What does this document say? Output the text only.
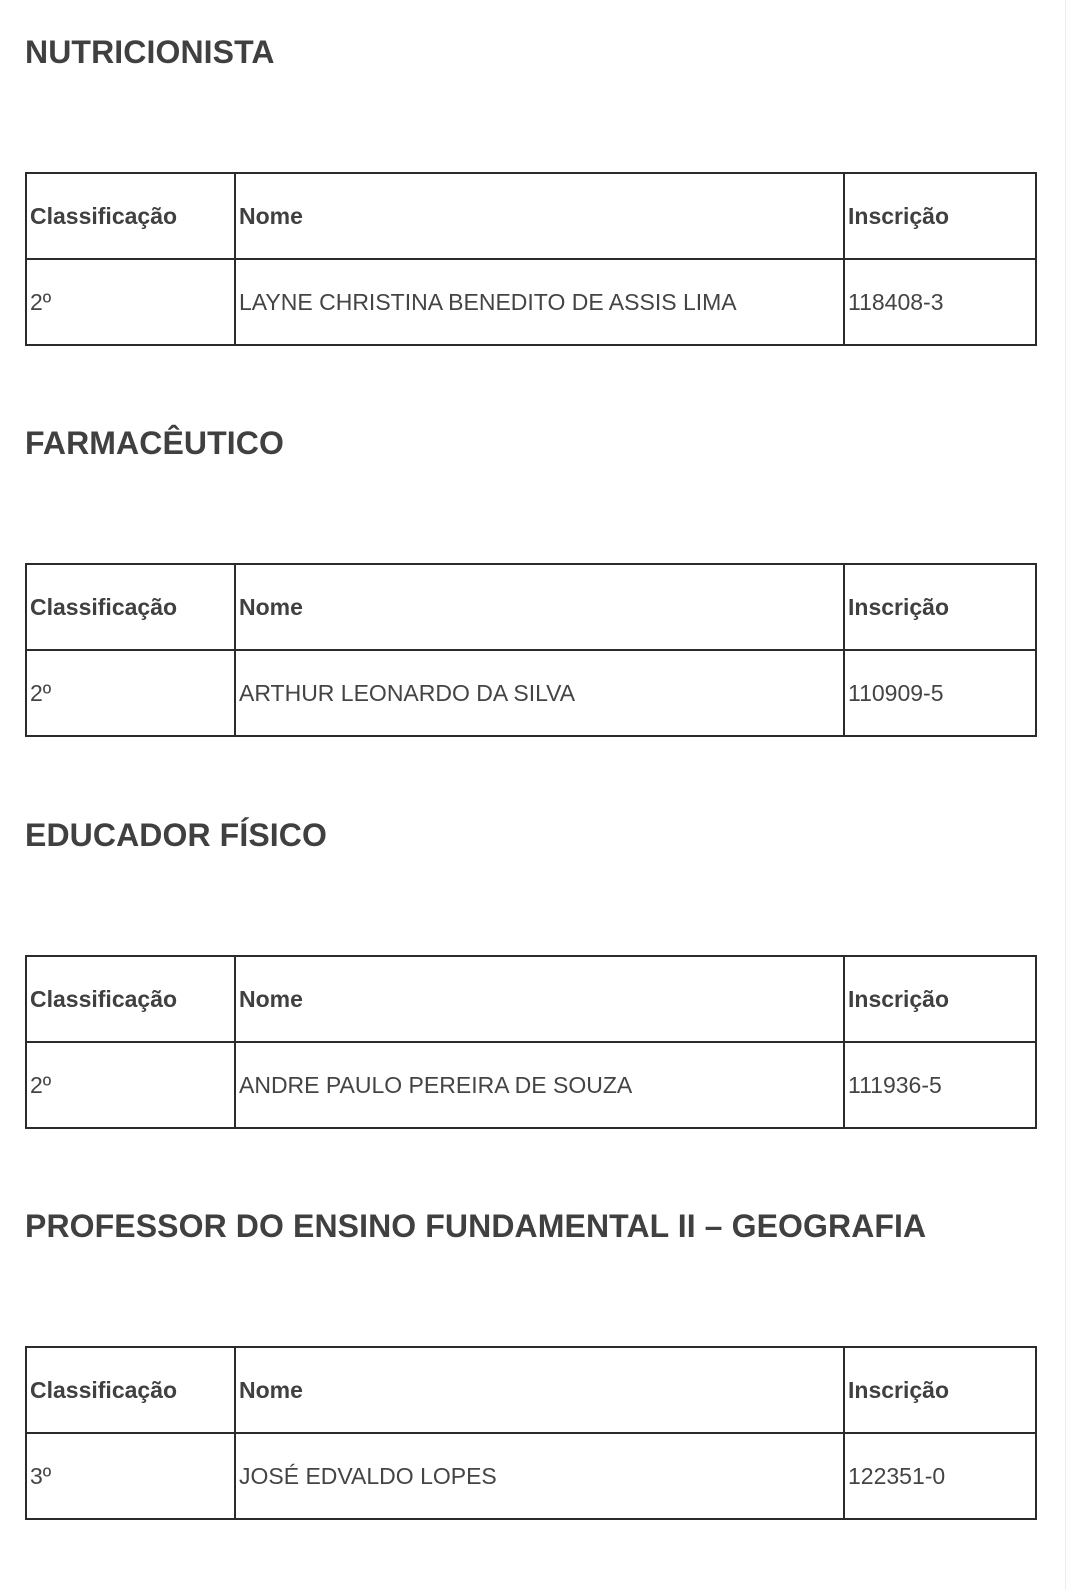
NUTRICIONISTA
Classificação	Nome	Inscrição
2º	LAYNE CHRISTINA BENEDITO DE ASSIS LIMA	118408-3
FARMACÊUTICO
Classificação	Nome	Inscrição
2º	ARTHUR LEONARDO DA SILVA	110909-5
EDUCADOR FÍSICO
Classificação	Nome	Inscrição
2º	ANDRE PAULO PEREIRA DE SOUZA	111936-5
PROFESSOR DO ENSINO FUNDAMENTAL II – GEOGRAFIA
Classificação	Nome	Inscrição
3º	JOSÉ EDVALDO LOPES	122351-0
